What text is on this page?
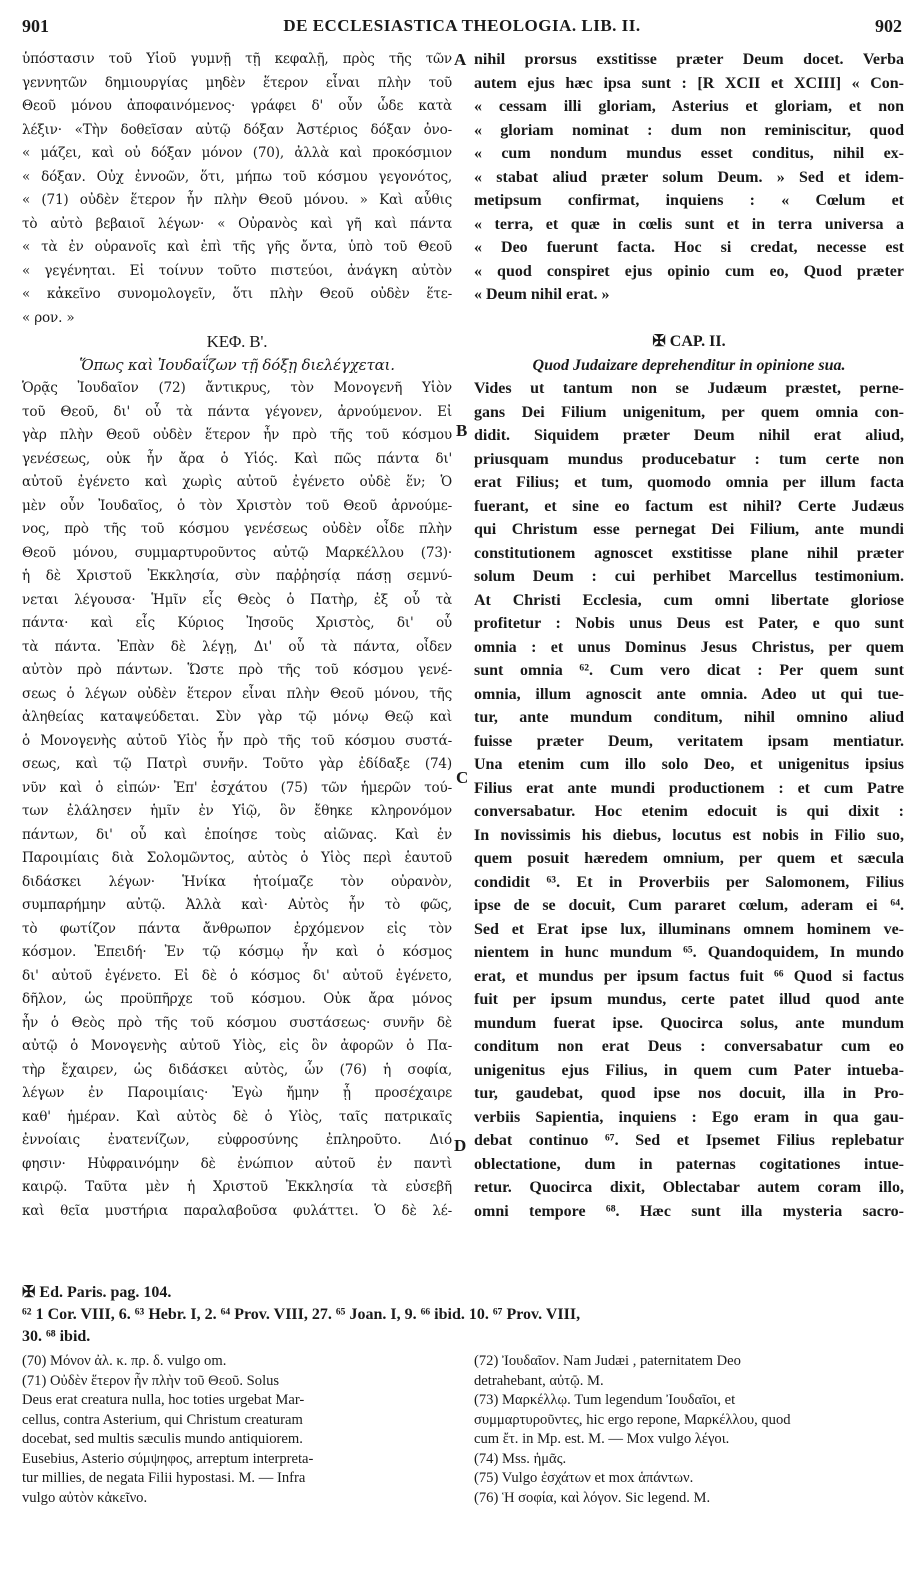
901	DE ECCLESIASTICA THEOLOGIA. LIB. II.	902
ὑπόστασιν τοῦ Υἱοῦ γυμνῇ τῇ κεφαλῇ, πρὸς τῆς τῶν
γεννητῶν δημιουργίας μηδὲν ἕτερον εἶναι πλὴν τοῦ
Θεοῦ μόνου ἀποφαινόμενος· γράφει δ' οὖν ὧδε κατὰ
λέξιν· «Τὴν δοθεῖσαν αὐτῷ δόξαν Ἀστέριος δόξαν ὀνο-
« μάζει, καὶ οὐ δόξαν μόνον (70), ἀλλὰ καὶ προκόσμιον
« δόξαν. Οὐχ ἐννοῶν, ὅτι, μήπω τοῦ κόσμου γεγονότος,
« (71) οὐδὲν ἕτερον ἦν πλὴν Θεοῦ μόνου. » Καὶ αὖθις
τὸ αὐτὸ βεβαιοῖ λέγων· « Οὐρανὸς καὶ γῆ καὶ πάντα
« τὰ ἐν οὐρανοῖς καὶ ἐπὶ τῆς γῆς ὄντα, ὑπὸ τοῦ Θεοῦ
« γεγένηται. Εἰ τοίνυν τοῦτο πιστεύοι, ἀνάγκη αὐτὸν
« κἀκεῖνο συνομολογεῖν, ὅτι πλὴν Θεοῦ οὐδὲν ἕτε-
« ρον. »
ΚΕΦ. Β'.
Ὅπως καὶ Ἰουδαΐζων τῇ δόξῃ διελέγχεται.
Ὁρᾷς Ἰουδαῖον (72) ἄντικρυς, τὸν Μονογενῆ Υἱὸν
τοῦ Θεοῦ, δι' οὗ τὰ πάντα γέγονεν, ἀρνούμενον. Εἰ
γὰρ πλὴν Θεοῦ οὐδὲν ἕτερον ἦν πρὸ τῆς τοῦ κόσμου
γενέσεως, οὐκ ἦν ἄρα ὁ Υἱός. Καὶ πῶς πάντα δι'
αὐτοῦ ἐγένετο καὶ χωρὶς αὐτοῦ ἐγένετο οὐδὲ ἕν; Ὁ
μὲν οὖν Ἰουδαῖος, ὁ τὸν Χριστὸν τοῦ Θεοῦ ἀρνούμε-
νος, πρὸ τῆς τοῦ κόσμου γενέσεως οὐδὲν οἶδε πλὴν
Θεοῦ μόνου, συμμαρτυροῦντος αὐτῷ Μαρκέλλου (73)·
ἡ δὲ Χριστοῦ Ἐκκλησία, σὺν παῤῥησίᾳ πάσῃ σεμνύ-
νεται λέγουσα· Ἡμῖν εἷς Θεὸς ὁ Πατὴρ, ἐξ οὗ τὰ
πάντα· καὶ εἷς Κύριος Ἰησοῦς Χριστὸς, δι' οὗ
τὰ πάντα. Ἐπὰν δὲ λέγῃ, Δι' οὗ τὰ πάντα, οἶδεν
αὐτὸν πρὸ πάντων. Ὥστε πρὸ τῆς τοῦ κόσμου γενέ-
σεως ὁ λέγων οὐδὲν ἕτερον εἶναι πλὴν Θεοῦ μόνου, τῆς
ἀληθείας καταψεύδεται. Σὺν γὰρ τῷ μόνῳ Θεῷ καὶ
ὁ Μονογενὴς αὐτοῦ Υἱὸς ἦν πρὸ τῆς τοῦ κόσμου συστά-
σεως, καὶ τῷ Πατρὶ συνῆν. Τοῦτο γὰρ ἐδίδαξε (74)
νῦν καὶ ὁ εἰπών· Ἐπ' ἐσχάτου (75) τῶν ἡμερῶν τού-
των ἐλάλησεν ἡμῖν ἐν Υἱῷ, ὃν ἔθηκε κληρονόμον
πάντων, δι' οὗ καὶ ἐποίησε τοὺς αἰῶνας. Καὶ ἐν
Παροιμίαις διὰ Σολομῶντος, αὐτὸς ὁ Υἱὸς περὶ ἑαυτοῦ
διδάσκει λέγων· Ἡνίκα ἡτοίμαζε τὸν οὐρανὸν,
συμπαρήμην αὐτῷ. Ἀλλὰ καὶ· Αὐτὸς ἦν τὸ φῶς,
τὸ φωτίζον πάντα ἄνθρωπον ἐρχόμενον εἰς τὸν
κόσμον. Ἐπειδή· Ἐν τῷ κόσμῳ ἦν καὶ ὁ κόσμος
δι' αὐτοῦ ἐγένετο. Εἰ δὲ ὁ κόσμος δι' αὐτοῦ ἐγένετο,
δῆλον, ὡς προϋπῆρχε τοῦ κόσμου. Οὐκ ἄρα μόνος
ἦν ὁ Θεὸς πρὸ τῆς τοῦ κόσμου συστάσεως· συνῆν δὲ
αὐτῷ ὁ Μονογενὴς αὐτοῦ Υἱὸς, εἰς ὃν ἀφορῶν ὁ Πα-
τὴρ ἔχαιρεν, ὡς διδάσκει αὐτὸς, ὧν (76) ἡ σοφία,
λέγων ἐν Παροιμίαις· Ἐγὼ ἤμην ᾗ προσέχαιρε
καθ' ἡμέραν. Καὶ αὐτὸς δὲ ὁ Υἱὸς, ταῖς πατρικαῖς
ἐννοίαις ἐνατενίζων, εὐφροσύνης ἐπληροῦτο. Διό
φησιν· Ηὐφραινόμην δὲ ἐνώπιον αὐτοῦ ἐν παντὶ
καιρῷ. Ταῦτα μὲν ἡ Χριστοῦ Ἐκκλησία τὰ εὐσεβῆ
καὶ θεῖα μυστήρια παραλαβοῦσα φυλάττει. Ὁ δὲ λέ-
A
B
C
D
nihil prorsus exstitisse præter Deum docet. Verba
autem ejus hæc ipsa sunt : [R XCII et XCIII] « Con-
« cessam illi gloriam, Asterius et gloriam, et non
« gloriam nominat : dum non reminiscitur, quod
« cum nondum mundus esset conditus, nihil ex-
« stabat aliud præter solum Deum. » Sed et idem-
metipsum confirmat, inquiens : « Cœlum et
« terra, et quæ in cœlis sunt et in terra universa a
« Deo fuerunt facta. Hoc si credat, necesse est
« quod conspiret ejus opinio cum eo, Quod præter
« Deum nihil erat. »
✠ CAP. II.
Quod Judaizare deprehenditur in opinione sua.
Vides ut tantum non se Judæum præstet, perne-
gans Dei Filium unigenitum, per quem omnia con-
didit. Siquidem præter Deum nihil erat aliud,
priusquam mundus producebatur : tum certe non
erat Filius; et tum, quomodo omnia per illum facta
fuerant, et sine eo factum est nihil? Certe Judæus
qui Christum esse pernegat Dei Filium, ante mundi
constitutionem agnoscet exstitisse plane nihil præter
solum Deum : cui perhibet Marcellus testimonium.
At Christi Ecclesia, cum omni libertate gloriose
profitetur : Nobis unus Deus est Pater, e quo sunt
omnia : et unus Dominus Jesus Christus, per quem
sunt omnia ⁶². Cum vero dicat : Per quem sunt
omnia, illum agnoscit ante omnia. Adeo ut qui tue-
tur, ante mundum conditum, nihil omnino aliud
fuisse præter Deum, veritatem ipsam mentiatur.
Una etenim cum illo solo Deo, et unigenitus ipsius
Filius erat ante mundi productionem : et cum Patre
conversabatur. Hoc etenim edocuit is qui dixit :
In novissimis his diebus, locutus est nobis in Filio suo,
quem posuit hæredem omnium, per quem et sæcula
condidit ⁶³. Et in Proverbiis per Salomonem, Filius
ipse de se docuit, Cum pararet cœlum, aderam ei ⁶⁴.
Sed et Erat ipse lux, illuminans omnem hominem ve-
nientem in hunc mundum ⁶⁵. Quandoquidem, In mundo
erat, et mundus per ipsum factus fuit ⁶⁶ Quod si factus
fuit per ipsum mundus, certe patet illud quod ante
mundum fuerat ipse. Quocirca solus, ante mundum
conditum non erat Deus : conversabatur cum eo
unigenitus ejus Filius, in quem cum Pater intueba-
tur, gaudebat, quod ipse nos docuit, illa in Pro-
verbiis Sapientia, inquiens : Ego eram in qua gau-
debat continuo ⁶⁷. Sed et Ipsemet Filius replebatur
oblectatione, dum in paternas cogitationes intue-
retur. Quocirca dixit, Oblectabar autem coram illo,
omni tempore ⁶⁸. Hæc sunt illa mysteria sacro-
✠ Ed. Paris. pag. 104.
⁶² 1 Cor. VIII, 6. ⁶³ Hebr. I, 2. ⁶⁴ Prov. VIII, 27. ⁶⁵ Joan. I, 9. ⁶⁶ ibid. 10. ⁶⁷ Prov. VIII,
30. ⁶⁸ ibid.
(70) Μόνον ἀλ. κ. πρ. δ. vulgo om.
(71) Οὐδὲν ἕτερον ἦν πλὴν τοῦ Θεοῦ. Solus
Deus erat creatura nulla, hoc toties urgebat Mar-
cellus, contra Asterium, qui Christum creaturam
docebat, sed multis sæculis mundo antiquiorem.
Eusebius, Asterio σύμψηφος, arreptum interpreta-
tur millies, de negata Filii hypostasi. M. — Infra
vulgo αὐτὸν κἀκεῖνο.
(72) Ἰουδαῖον. Nam Judæi , paternitatem Deo
detrahebant, αὐτῷ. M.
(73) Μαρκέλλῳ. Tum legendum Ἰουδαῖοι, et
συμμαρτυροῦντες, hic ergo repone, Μαρκέλλου, quod
cum ἔτ. in Mp. est. M. — Mox vulgo λέγοι.
(74) Mss. ἡμᾶς.
(75) Vulgo ἐσχάτων et mox ἁπάντων.
(76) Ἡ σοφία, καὶ λόγον. Sic legend. M.
